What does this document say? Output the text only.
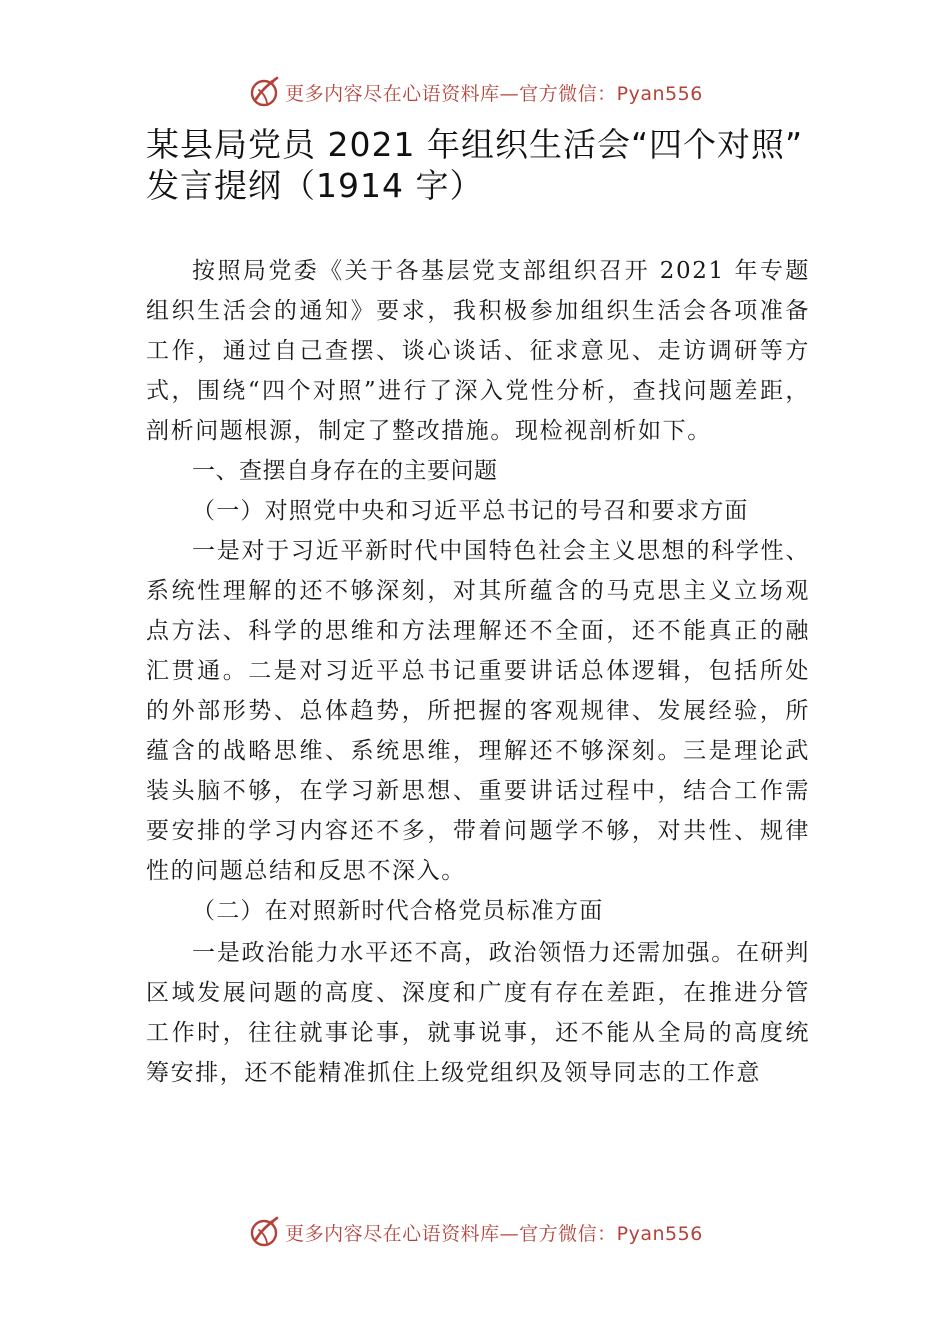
更多内容尽在心语资料库—官方微信：Pyan556
某县局党员 2021 年组织生活会“四个对照” 发言提纲（1914 字）

按照局党委《关于各基层党支部组织召开 2021 年专题组织生活会的通知》要求，我积极参加组织生活会各项准备工作，通过自己查摆、谈心谈话、征求意见、走访调研等方式，围绕“四个对照”进行了深入党性分析，查找问题差距，剖析问题根源，制定了整改措施。现检视剖析如下。

一、查摆自身存在的主要问题

（一）对照党中央和习近平总书记的号召和要求方面

一是对于习近平新时代中国特色社会主义思想的科学性、系统性理解的还不够深刻，对其所蕴含的马克思主义立场观点方法、科学的思维和方法理解还不全面，还不能真正的融汇贯通。二是对习近平总书记重要讲话总体逻辑，包括所处的外部形势、总体趋势，所把握的客观规律、发展经验，所蕴含的战略思维、系统思维，理解还不够深刻。三是理论武装头脑不够，在学习新思想、重要讲话过程中，结合工作需要安排的学习内容还不多，带着问题学不够，对共性、规律性的问题总结和反思不深入。

（二）在对照新时代合格党员标准方面

一是政治能力水平还不高，政治领悟力还需加强。在研判区域发展问题的高度、深度和广度有存在差距，在推进分管工作时，往往就事论事，就事说事，还不能从全局的高度统筹安排，还不能精准抓住上级党组织及领导同志的工作意

更多内容尽在心语资料库—官方微信：Pyan556
